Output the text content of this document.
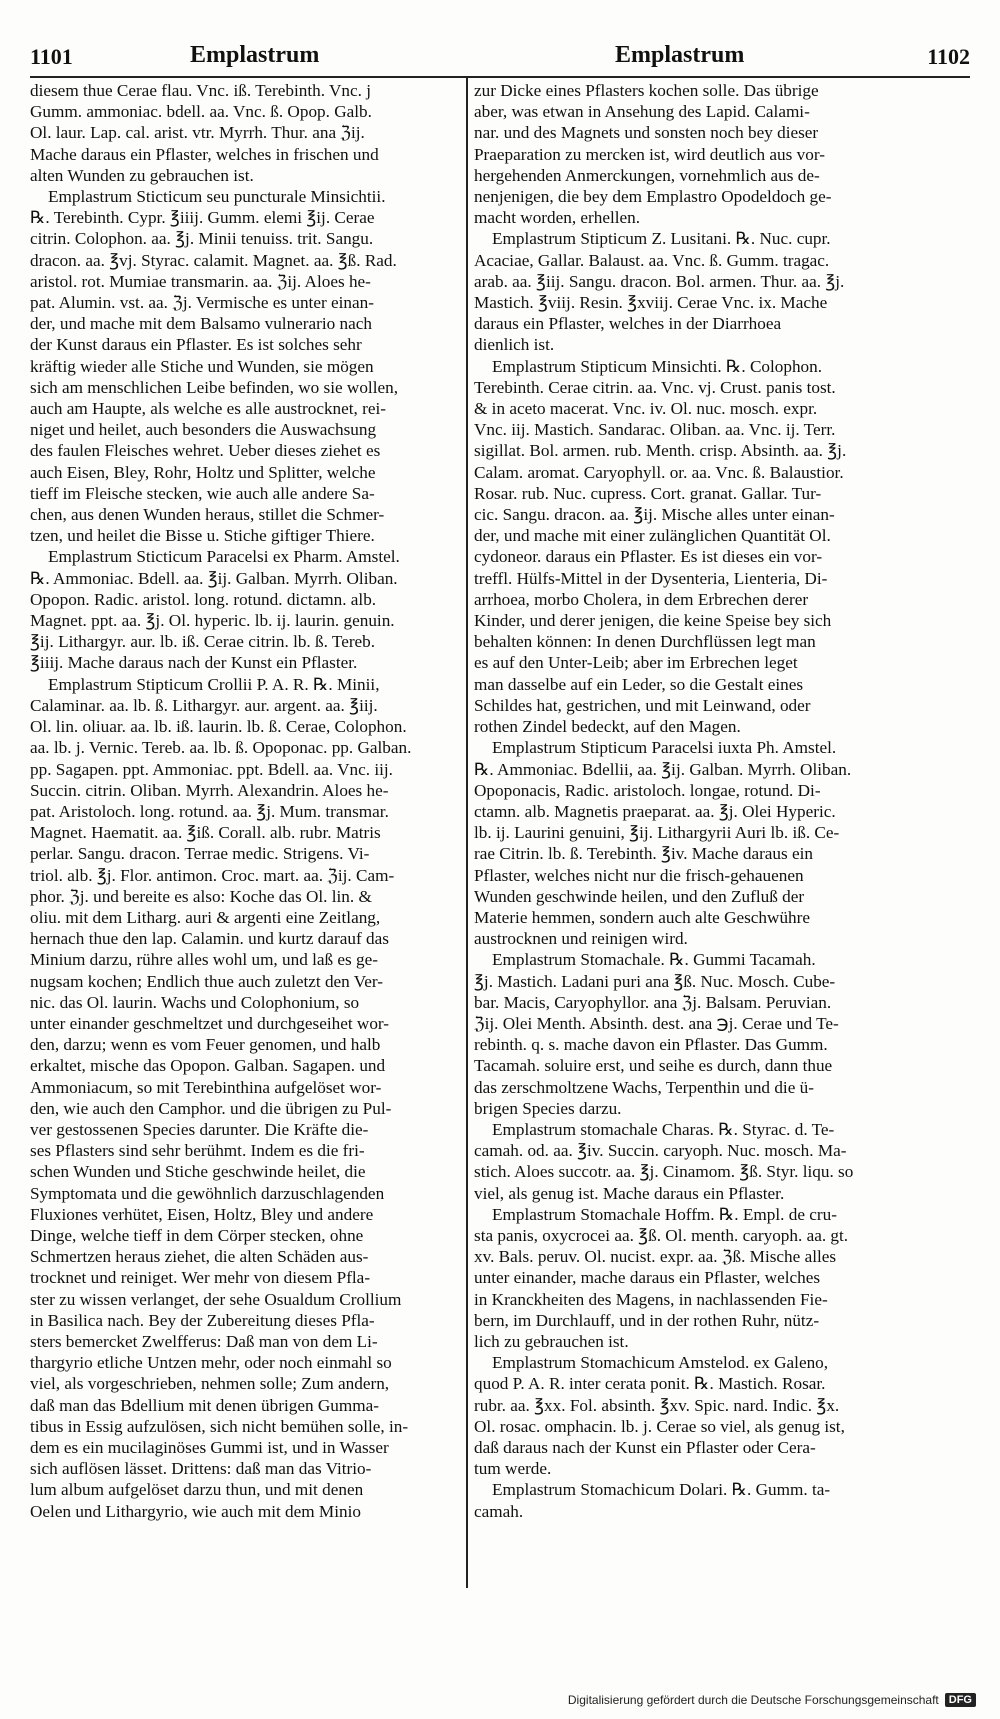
1101	Emplastrum	Emplastrum	1102
diesem thue Cerae flau. Vnc. iß. Terebinth. Vnc. j
Gumm. ammoniac. bdell. aa. Vnc. ß. Opop. Galb.
Ol. laur. Lap. cal. arist. vtr. Myrrh. Thur. ana ℨij.
Mache daraus ein Pflaster, welches in frischen und
alten Wunden zu gebrauchen ist.
Emplastrum Sticticum seu puncturale Minsichtii.
℞. Terebinth. Cypr. ℥iiij. Gumm. elemi ℥ij. Cerae
citrin. Colophon. aa. ℥j. Minii tenuiss. trit. Sangu.
dracon. aa. ℥vj. Styrac. calamit. Magnet. aa. ℥ß. Rad.
aristol. rot. Mumiae transmarin. aa. ℨij. Aloes he-
pat. Alumin. vst. aa. ℨj. Vermische es unter einan-
der, und mache mit dem Balsamo vulnerario nach
der Kunst daraus ein Pflaster. Es ist solches sehr
kräftig wieder alle Stiche und Wunden, sie mögen
sich am menschlichen Leibe befinden, wo sie wollen,
auch am Haupte, als welche es alle austrocknet, rei-
niget und heilet, auch besonders die Auswachsung
des faulen Fleisches wehret. Ueber dieses ziehet es
auch Eisen, Bley, Rohr, Holtz und Splitter, welche
tieff im Fleische stecken, wie auch alle andere Sa-
chen, aus denen Wunden heraus, stillet die Schmer-
tzen, und heilet die Bisse u. Stiche giftiger Thiere.
Emplastrum Sticticum Paracelsi ex Pharm. Amstel.
℞. Ammoniac. Bdell. aa. ℥ij. Galban. Myrrh. Oliban.
Opopon. Radic. aristol. long. rotund. dictamn. alb.
Magnet. ppt. aa. ℥j. Ol. hyperic. lb. ij. laurin. genuin.
℥ij. Lithargyr. aur. lb. iß. Cerae citrin. lb. ß. Tereb.
℥iiij. Mache daraus nach der Kunst ein Pflaster.
Emplastrum Stipticum Crollii P. A. R. ℞. Minii,
Calaminar. aa. lb. ß. Lithargyr. aur. argent. aa. ℥iij.
Ol. lin. oliuar. aa. lb. iß. laurin. lb. ß. Cerae, Colophon.
aa. lb. j. Vernic. Tereb. aa. lb. ß. Opoponac. pp. Galban.
pp. Sagapen. ppt. Ammoniac. ppt. Bdell. aa. Vnc. iij.
Succin. citrin. Oliban. Myrrh. Alexandrin. Aloes he-
pat. Aristoloch. long. rotund. aa. ℥j. Mum. transmar.
Magnet. Haematit. aa. ℥iß. Corall. alb. rubr. Matris
perlar. Sangu. dracon. Terrae medic. Strigens. Vi-
triol. alb. ℥j. Flor. antimon. Croc. mart. aa. ℨij. Cam-
phor. ℨj. und bereite es also: Koche das Ol. lin. &
oliu. mit dem Litharg. auri & argenti eine Zeitlang,
hernach thue den lap. Calamin. und kurtz darauf das
Minium darzu, rühre alles wohl um, und laß es ge-
nugsam kochen; Endlich thue auch zuletzt den Ver-
nic. das Ol. laurin. Wachs und Colophonium, so
unter einander geschmeltzet und durchgeseihet wor-
den, darzu; wenn es vom Feuer genomen, und halb
erkaltet, mische das Opopon. Galban. Sagapen. und
Ammoniacum, so mit Terebinthina aufgelöset wor-
den, wie auch den Camphor. und die übrigen zu Pul-
ver gestossenen Species darunter. Die Kräfte die-
ses Pflasters sind sehr berühmt. Indem es die fri-
schen Wunden und Stiche geschwinde heilet, die
Symptomata und die gewöhnlich darzuschlagenden
Fluxiones verhütet, Eisen, Holtz, Bley und andere
Dinge, welche tieff in dem Cörper stecken, ohne
Schmertzen heraus ziehet, die alten Schäden aus-
trocknet und reiniget. Wer mehr von diesem Pfla-
ster zu wissen verlanget, der sehe Osualdum Crollium
in Basilica nach. Bey der Zubereitung dieses Pfla-
sters bemercket Zwelfferus: Daß man von dem Li-
thargyrio etliche Untzen mehr, oder noch einmahl so
viel, als vorgeschrieben, nehmen solle; Zum andern,
daß man das Bdellium mit denen übrigen Gumma-
tibus in Essig aufzulösen, sich nicht bemühen solle, in-
dem es ein mucilaginöses Gummi ist, und in Wasser
sich auflösen lässet. Drittens: daß man das Vitrio-
lum album aufgelöset darzu thun, und mit denen
Oelen und Lithargyrio, wie auch mit dem Minio
zur Dicke eines Pflasters kochen solle. Das übrige
aber, was etwan in Ansehung des Lapid. Calami-
nar. und des Magnets und sonsten noch bey dieser
Praeparation zu mercken ist, wird deutlich aus vor-
hergehenden Anmerckungen, vornehmlich aus de-
nenjenigen, die bey dem Emplastro Opodeldoch ge-
macht worden, erhellen.
Emplastrum Stipticum Z. Lusitani. ℞. Nuc. cupr.
Acaciae, Gallar. Balaust. aa. Vnc. ß. Gumm. tragac.
arab. aa. ℥iij. Sangu. dracon. Bol. armen. Thur. aa. ℥j.
Mastich. ℥viij. Resin. ℥xviij. Cerae Vnc. ix. Mache
daraus ein Pflaster, welches in der Diarrhoea
dienlich ist.
Emplastrum Stipticum Minsichti. ℞. Colophon.
Terebinth. Cerae citrin. aa. Vnc. vj. Crust. panis tost.
& in aceto macerat. Vnc. iv. Ol. nuc. mosch. expr.
Vnc. iij. Mastich. Sandarac. Oliban. aa. Vnc. ij. Terr.
sigillat. Bol. armen. rub. Menth. crisp. Absinth. aa. ℥j.
Calam. aromat. Caryophyll. or. aa. Vnc. ß. Balaustior.
Rosar. rub. Nuc. cupress. Cort. granat. Gallar. Tur-
cic. Sangu. dracon. aa. ℥ij. Mische alles unter einan-
der, und mache mit einer zulänglichen Quantität Ol.
cydoneor. daraus ein Pflaster. Es ist dieses ein vor-
treffl. Hülfs-Mittel in der Dysenteria, Lienteria, Di-
arrhoea, morbo Cholera, in dem Erbrechen derer
Kinder, und derer jenigen, die keine Speise bey sich
behalten können: In denen Durchflüssen legt man
es auf den Unter-Leib; aber im Erbrechen leget
man dasselbe auf ein Leder, so die Gestalt eines
Schildes hat, gestrichen, und mit Leinwand, oder
rothen Zindel bedeckt, auf den Magen.
Emplastrum Stipticum Paracelsi iuxta Ph. Amstel.
℞. Ammoniac. Bdellii, aa. ℥ij. Galban. Myrrh. Oliban.
Opoponacis, Radic. aristoloch. longae, rotund. Di-
ctamn. alb. Magnetis praeparat. aa. ℥j. Olei Hyperic.
lb. ij. Laurini genuini, ℥ij. Lithargyrii Auri lb. iß. Ce-
rae Citrin. lb. ß. Terebinth. ℥iv. Mache daraus ein
Pflaster, welches nicht nur die frisch-gehauenen
Wunden geschwinde heilen, und den Zufluß der
Materie hemmen, sondern auch alte Geschwühre
austrocknen und reinigen wird.
Emplastrum Stomachale. ℞. Gummi Tacamah.
℥j. Mastich. Ladani puri ana ℥ß. Nuc. Mosch. Cube-
bar. Macis, Caryophyllor. ana ℨj. Balsam. Peruvian.
ℨij. Olei Menth. Absinth. dest. ana ℈j. Cerae und Te-
rebinth. q. s. mache davon ein Pflaster. Das Gumm.
Tacamah. soluire erst, und seihe es durch, dann thue
das zerschmoltzene Wachs, Terpenthin und die ü-
brigen Species darzu.
Emplastrum stomachale Charas. ℞. Styrac. d. Te-
camah. od. aa. ℥iv. Succin. caryoph. Nuc. mosch. Ma-
stich. Aloes succotr. aa. ℥j. Cinamom. ℥ß. Styr. liqu. so
viel, als genug ist. Mache daraus ein Pflaster.
Emplastrum Stomachale Hoffm. ℞. Empl. de cru-
sta panis, oxycrocei aa. ℥ß. Ol. menth. caryoph. aa. gt.
xv. Bals. peruv. Ol. nucist. expr. aa. ℨß. Mische alles
unter einander, mache daraus ein Pflaster, welches
in Kranckheiten des Magens, in nachlassenden Fie-
bern, im Durchlauff, und in der rothen Ruhr, nütz-
lich zu gebrauchen ist.
Emplastrum Stomachicum Amstelod. ex Galeno,
quod P. A. R. inter cerata ponit. ℞. Mastich. Rosar.
rubr. aa. ℥xx. Fol. absinth. ℥xv. Spic. nard. Indic. ℥x.
Ol. rosac. omphacin. lb. j. Cerae so viel, als genug ist,
daß daraus nach der Kunst ein Pflaster oder Cera-
tum werde.
Emplastrum Stomachicum Dolari. ℞. Gumm. ta-
camah.
Digitalisierung gefördert durch die Deutsche Forschungsgemeinschaft DFG
